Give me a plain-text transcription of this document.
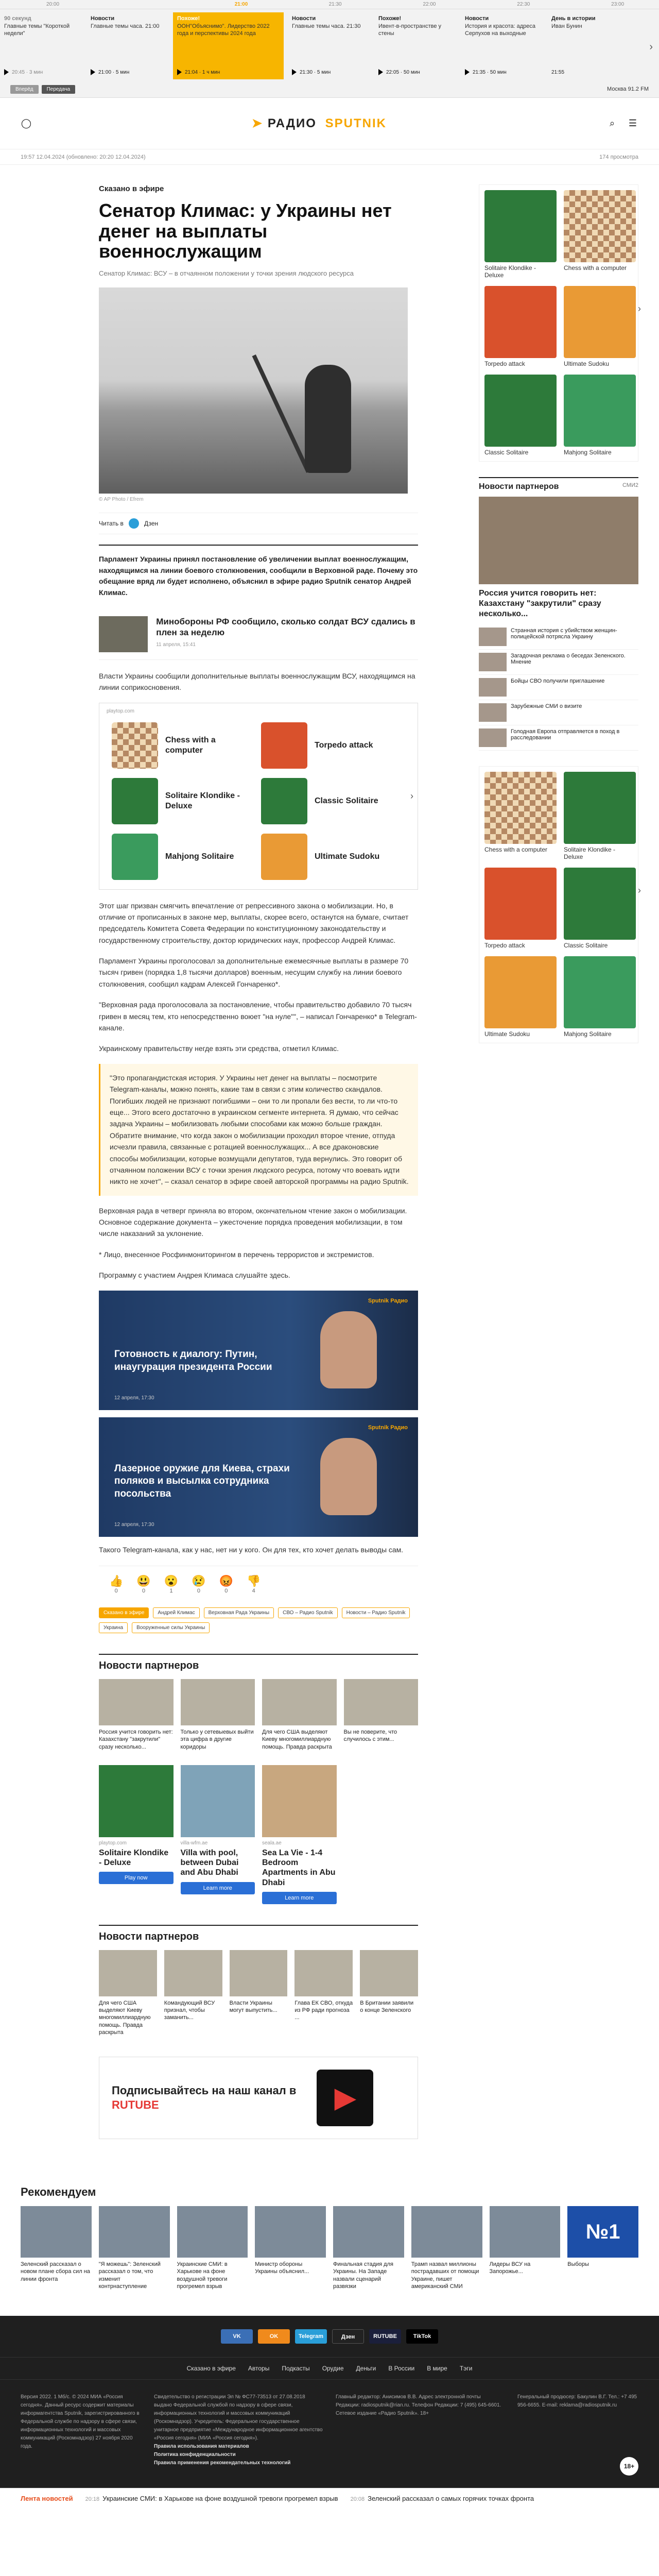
20:00	21:00	21:30	22:00	22:30	23:00
90 секунд
Главные темы "Короткой недели"
20:45 · 3 мин
Новости
Главные темы часа. 21:00
21:00 · 5 мин
Похоже!
ООН"Объяснимо". Лидерство 2022 года и перспективы 2024 года
21:04 · 1 ч мин
Новости
Главные темы часа. 21:30
21:30 · 5 мин
Похоже!
Ивент-в-пространстве у стены
22:05 · 50 мин
Новости
История и красота: адреса Серпухов на выходные
21:35 · 50 мин
День в истории
Иван Бунин
21:55
›
Вперёд	Передача	Москва 91.2 FM
◯	➤ РАДИО SPUTNIK	⌕	☰
19:57 12.04.2024 (обновлено: 20:20 12.04.2024)	174 просмотра
Сказано в эфире
Сенатор Климас: у Украины нет денег на выплаты военнослужащим
Сенатор Климас: ВСУ – в отчаянном положении у точки зрения людского ресурса
© AP Photo / Efrem
Читать в	Дзен
Парламент Украины принял постановление об увеличении выплат военнослужащим, находящимся на линии боевого столкновения, сообщили в Верховной раде. Почему это обещание вряд ли будет исполнено, объяснил в эфире радио Sputnik сенатор Андрей Климас.
Минобороны РФ сообщило, сколько солдат ВСУ сдались в плен за неделю
11 апреля, 15:41

Власти Украины сообщили дополнительные выплаты военнослужащим ВСУ, находящимся на линии соприкосновения.

playtop.com
Chess with a computer
Torpedo attack
Solitaire Klondike - Deluxe
Classic Solitaire
Mahjong Solitaire	Ultimate Sudoku
›

Этот шаг призван смягчить впечатление от репрессивного закона о мобилизации. Но, в отличие от прописанных в законе мер, выплаты, скорее всего, останутся на бумаге, считает председатель Комитета Совета Федерации по конституционному законодательству и государственному строительству, доктор юридических наук, профессор Андрей Климас.

Парламент Украины проголосовал за дополнительные ежемесячные выплаты в размере 70 тысяч гривен (порядка 1,8 тысячи долларов) военным, несущим службу на линии боевого столкновения, сообщил кадрам Алексей Гончаренко*.

"Верховная рада проголосовала за постановление, чтобы правительство добавило 70 тысяч гривен в месяц тем, кто непосредственно воюет "на нуле"", – написал Гончаренко* в Telegram-канале.

Украинскому правительству негде взять эти средства, отметил Климас.

"Это пропагандистская история. У Украины нет денег на выплаты – посмотрите Telegram-каналы, можно понять, какие там в связи с этим количество скандалов. Погибших людей не признают погибшими – они то ли пропали без вести, то ли что-то еще... Этого всего достаточно в украинском сегменте интернета. Я думаю, что сейчас задача Украины – мобилизовать любыми способами как можно больше граждан. Обратите внимание, что когда закон о мобилизации проходил второе чтение, отпуда исчезли правила, связанные с ротацией военнослужащих... А все драконовские способы мобилизации, которые возмущали депутатов, туда вернулись. Это говорит об отчаянном положении ВСУ с точки зрения людского ресурса, потому что воевать идти никто не хочет", – сказал сенатор в эфире своей авторской программы на радио Sputnik.

Верховная рада в четверг приняла во втором, окончательном чтение закон о мобилизации. Основное содержание документа – ужесточение порядка проведения мобилизации, в том числе наказаний за уклонение.

* Лицо, внесенное Росфинмониторингом в перечень террористов и экстремистов.

Программу с участием Андрея Климаса слушайте здесь.

Sputnik Радио
Готовность к диалогу: Путин, инаугурация президента России
12 апреля, 17:30
Sputnik Радио
Лазерное оружие для Киева, страхи поляков и высылка сотрудника посольства
12 апреля, 17:30

Такого Telegram-канала, как у нас, нет ни у кого. Он для тех, кто хочет делать выводы сам.

👍
0
😃
0
😮
1
😢
0
😡
0
👎
4
Сказано в эфире	Андрей Климас	Верховная Рада Украины	СВО – Радио Sputnik	Новости – Радио Sputnik
Украина	Вооруженные силы Украины
Новости партнеров
Россия учится говорить нет: Казахстану "закрутили" сразу несколько...
Только у сетевыевых выйти эта цифра в другие коридоры
Для чего США выделяют Киеву многомиллиардную помощь. Правда раскрыта
Вы не поверите, что случилось с этим...
playtop.com
Solitaire Klondike - Deluxe
Play now
villa-wfm.ae
Villa with pool, between Dubai and Abu Dhabi
Learn more
seala.ae
Sea La Vie - 1-4 Bedroom Apartments in Abu Dhabi
Learn more
Новости партнеров
Для чего США выделяют Киеву многомиллиардную помощь. Правда раскрыта
Командующий ВСУ признал, чтобы заманить...
Власти Украины могут выпустить...
Глава ЕК СВО, откуда из РФ ради прогноза ...
В Британии заявили о конце Зеленского
Подписывайтесь на наш канал в
RUTUBE	▶
Solitaire Klondike - Deluxe
Chess with a computer
Torpedo attack	Ultimate Sudoku
Classic Solitaire	Mahjong Solitaire
›
Новости партнеров	СМИ2
Россия учится говорить нет: Казахстану "закрутили" сразу несколько...
Странная история с убийством женщин-полицейской потрясла Украину
Загадочная реклама о беседах Зеленского. Мнение
Бойцы СВО получили приглашение
Зарубежные СМИ о визите
Голодная Европа отправляется в поход в расследовании
Chess with a computer	Solitaire Klondike - Deluxe
Torpedo attack	Classic Solitaire
Ultimate Sudoku	Mahjong Solitaire
›
Рекомендуем
Зеленский рассказал о новом плане сбора сил на линии фронта
"Я можешь": Зеленский рассказал о том, что изменит контрнаступление
Украинские СМИ: в Харькове на фоне воздушной тревоги прогремел взрыв
Министр обороны Украины объяснил...
Финальная стадия для Украины. На Западе назвали сценарий развязки
Трамп назвал миллионы пострадавших от помощи Украине, пишет американский СМИ
Лидеры ВСУ на Запорожье...
№1
Выборы
VK	OK	Telegram	Дзен	RUTUBE	TikTok
Сказано в эфире Авторы Подкасты Орудие Деньги В России В мире Тэги
Версия 2022. 1 Мб/с. © 2024 МИА «Россия сегодня». Данный ресурс содержит материалы информагентства Sputnik, зарегистрированного в Федеральной службе по надзору в сфере связи, информационных технологий и массовых коммуникаций (Роскомнадзор) 27 ноября 2020 года.
Свидетельство о регистрации Эл № ФС77-73513 от 27.08.2018 выдано Федеральной службой по надзору в сфере связи, информационных технологий и массовых коммуникаций (Роскомнадзор). Учредитель: Федеральное государственное унитарное предприятие «Международное информационное агентство «Россия сегодня» (МИА «Россия сегодня»).
Правила использования материалов
Политика конфиденциальности
Правила применения рекомендательных технологий
Главный редактор: Анисимов В.В. Адрес электронной почты Редакции: radiosputnik@rian.ru. Телефон Редакции: 7 (495) 645-6601. Сетевое издание «Радио Sputnik». 18+
Генеральный продюсер: Бакулин В.Г. Тел.: +7 495 956-6655. E-mail: reklama@radiosputnik.ru
18+
Лента новостей 20:18 Украинские СМИ: в Харькове на фоне воздушной тревоги прогремел взрыв 20:08 Зеленский рассказал о самых горячих точках фронта
